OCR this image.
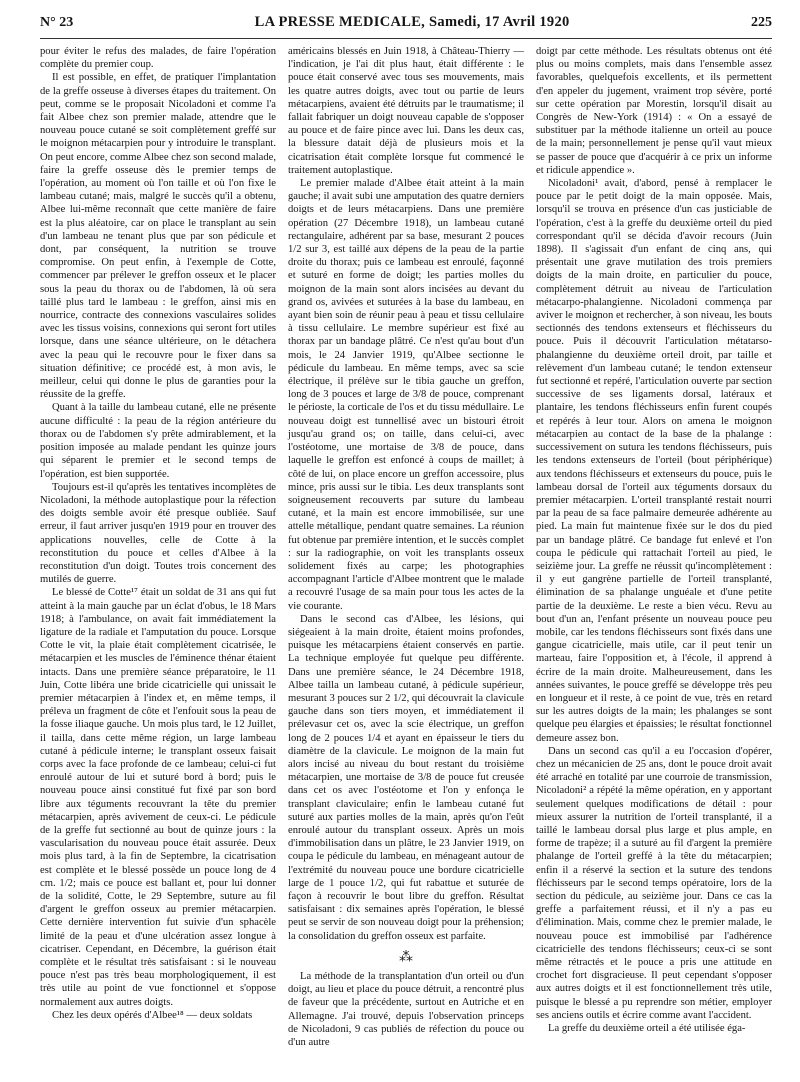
N° 23	LA PRESSE MEDICALE, Samedi, 17 Avril 1920	225

pour éviter le refus des malades, de faire l'opération complète du premier coup.

Il est possible, en effet, de pratiquer l'implantation de la greffe osseuse à diverses étapes du traitement. On peut, comme se le proposait Nicoladoni et comme l'a fait Albee chez son premier malade, attendre que le nouveau pouce cutané se soit complètement greffé sur le moignon métacarpien pour y introduire le transplant. On peut encore, comme Albee chez son second malade, faire la greffe osseuse dès le premier temps de l'opération, au moment où l'on taille et où l'on fixe le lambeau cutané; mais, malgré le succès qu'il a obtenu, Albee lui-même reconnaît que cette manière de faire est la plus aléatoire, car on place le transplant au sein d'un lambeau ne tenant plus que par son pédicule et dont, par conséquent, la nutrition se trouve compromise. On peut enfin, à l'exemple de Cotte, commencer par prélever le greffon osseux et le placer sous la peau du thorax ou de l'abdomen, là où sera taillé plus tard le lambeau : le greffon, ainsi mis en nourrice, contracte des connexions vasculaires solides avec les tissus voisins, connexions qui seront fort utiles lorsque, dans une séance ultérieure, on le détachera avec la peau qui le recouvre pour le fixer dans sa situation définitive; ce procédé est, à mon avis, le meilleur, celui qui donne le plus de garanties pour la réussite de la greffe.

Quant à la taille du lambeau cutané, elle ne présente aucune difficulté : la peau de la région antérieure du thorax ou de l'abdomen s'y prête admirablement, et la position imposée au malade pendant les quinze jours qui séparent le premier et le second temps de l'opération, est bien supportée.

Toujours est-il qu'après les tentatives incomplètes de Nicoladoni, la méthode autoplastique pour la réfection des doigts semble avoir été presque oubliée. Sauf erreur, il faut arriver jusqu'en 1919 pour en trouver des applications nouvelles, celle de Cotte à la reconstitution du pouce et celles d'Albee à la reconstitution d'un doigt. Toutes trois concernent des mutilés de guerre.

Le blessé de Cotte¹⁷ était un soldat de 31 ans qui fut atteint à la main gauche par un éclat d'obus, le 18 Mars 1918; à l'ambulance, on avait fait immédiatement la ligature de la radiale et l'amputation du pouce. Lorsque Cotte le vit, la plaie était complètement cicatrisée, le métacarpien et les muscles de l'éminence thénar étaient intacts. Dans une première séance préparatoire, le 11 Juin, Cotte libéra une bride cicatricielle qui unissait le premier métacarpien à l'index et, en même temps, il préleva un fragment de côte et l'enfouit sous la peau de la fosse iliaque gauche. Un mois plus tard, le 12 Juillet, il tailla, dans cette même région, un large lambeau cutané à pédicule interne; le transplant osseux faisait corps avec la face profonde de ce lambeau; celui-ci fut enroulé autour de lui et suturé bord à bord; puis le nouveau pouce ainsi constitué fut fixé par son bord libre aux téguments recouvrant la tête du premier métacarpien, après avivement de ceux-ci. Le pédicule de la greffe fut sectionné au bout de quinze jours : la vascularisation du nouveau pouce était assurée. Deux mois plus tard, à la fin de Septembre, la cicatrisation est complète et le blessé possède un pouce long de 4 cm. 1/2; mais ce pouce est ballant et, pour lui donner de la solidité, Cotte, le 29 Septembre, suture au fil d'argent le greffon osseux au premier métacarpien. Cette dernière intervention fut suivie d'un sphacèle limité de la peau et d'une ulcération assez longue à cicatriser. Cependant, en Décembre, la guérison était complète et le résultat très satisfaisant : si le nouveau pouce n'est pas très beau morphologiquement, il est très utile au point de vue fonctionnel et s'oppose normalement aux autres doigts.

Chez les deux opérés d'Albee¹⁸ — deux soldats

américains blessés en Juin 1918, à Château-Thierry — l'indication, je l'ai dit plus haut, était différente : le pouce était conservé avec tous ses mouvements, mais les quatre autres doigts, avec tout ou partie de leurs métacarpiens, avaient été détruits par le traumatisme; il fallait fabriquer un doigt nouveau capable de s'opposer au pouce et de faire pince avec lui. Dans les deux cas, la blessure datait déjà de plusieurs mois et la cicatrisation était complète lorsque fut commencé le traitement autoplastique.

Le premier malade d'Albee était atteint à la main gauche; il avait subi une amputation des quatre derniers doigts et de leurs métacarpiens. Dans une première opération (27 Décembre 1918), un lambeau cutané rectangulaire, adhérent par sa base, mesurant 2 pouces 1/2 sur 3, est taillé aux dépens de la peau de la partie droite du thorax; puis ce lambeau est enroulé, façonné et suturé en forme de doigt; les parties molles du moignon de la main sont alors incisées au devant du grand os, avivées et suturées à la base du lambeau, en ayant bien soin de réunir peau à peau et tissu cellulaire à tissu cellulaire. Le membre supérieur est fixé au thorax par un bandage plâtré. Ce n'est qu'au bout d'un mois, le 24 Janvier 1919, qu'Albee sectionne le pédicule du lambeau. En même temps, avec sa scie électrique, il prélève sur le tibia gauche un greffon, long de 3 pouces et large de 3/8 de pouce, comprenant le périoste, la corticale de l'os et du tissu médullaire. Le nouveau doigt est tunnellisé avec un bistouri étroit jusqu'au grand os; on taille, dans celui-ci, avec l'ostéotome, une mortaise de 3/8 de pouce, dans laquelle le greffon est enfoncé à coups de maillet; à côté de lui, on place encore un greffon accessoire, plus mince, pris aussi sur le tibia. Les deux transplants sont soigneusement recouverts par suture du lambeau cutané, et la main est encore immobilisée, sur une attelle métallique, pendant quatre semaines. La réunion fut obtenue par première intention, et le succès complet : sur la radiographie, on voit les transplants osseux solidement fixés au carpe; les photographies accompagnant l'article d'Albee montrent que le malade a recouvré l'usage de sa main pour tous les actes de la vie courante.

Dans le second cas d'Albee, les lésions, qui siégeaient à la main droite, étaient moins profondes, puisque les métacarpiens étaient conservés en partie. La technique employée fut quelque peu différente. Dans une première séance, le 24 Décembre 1918, Albee tailla un lambeau cutané, à pédicule supérieur, mesurant 3 pouces sur 2 1/2, qui découvrait la clavicule gauche dans son tiers moyen, et immédiatement il prélevasur cet os, avec la scie électrique, un greffon long de 2 pouces 1/4 et ayant en épaisseur le tiers du diamètre de la clavicule. Le moignon de la main fut alors incisé au niveau du bout restant du troisième métacarpien, une mortaise de 3/8 de pouce fut creusée dans cet os avec l'ostéotome et l'on y enfonça le transplant claviculaire; enfin le lambeau cutané fut suturé aux parties molles de la main, après qu'on l'eût enroulé autour du transplant osseux. Après un mois d'immobilisation dans un plâtre, le 23 Janvier 1919, on coupa le pédicule du lambeau, en ménageant autour de l'extrémité du nouveau pouce une bordure cicatricielle large de 1 pouce 1/2, qui fut rabattue et suturée de façon à recouvrir le bout libre du greffon. Résultat satisfaisant : dix semaines après l'opération, le blessé peut se servir de son nouveau doigt pour la préhension; la consolidation du greffon osseux est parfaite.

⁂

La méthode de la transplantation d'un orteil ou d'un doigt, au lieu et place du pouce détruit, a rencontré plus de faveur que la précédente, surtout en Autriche et en Allemagne. J'ai trouvé, depuis l'observation princeps de Nicoladoni, 9 cas publiés de réfection du pouce ou d'un autre

doigt par cette méthode. Les résultats obtenus ont été plus ou moins complets, mais dans l'ensemble assez favorables, quelquefois excellents, et ils permettent d'en appeler du jugement, vraiment trop sévère, porté sur cette opération par Morestin, lorsqu'il disait au Congrès de New-York (1914) : « On a essayé de substituer par la méthode italienne un orteil au pouce de la main; personnellement je pense qu'il vaut mieux se passer de pouce que d'acquérir à ce prix un informe et ridicule appendice ».

Nicoladoni¹ avait, d'abord, pensé à remplacer le pouce par le petit doigt de la main opposée. Mais, lorsqu'il se trouva en présence d'un cas justiciable de l'opération, c'est à la greffe du deuxième orteil du pied correspondant qu'il se décida d'avoir recours (Juin 1898). Il s'agissait d'un enfant de cinq ans, qui présentait une grave mutilation des trois premiers doigts de la main droite, en particulier du pouce, complètement détruit au niveau de l'articulation métacarpo-phalangienne. Nicoladoni commença par aviver le moignon et rechercher, à son niveau, les bouts sectionnés des tendons extenseurs et fléchisseurs du pouce. Puis il découvrit l'articulation métatarso-phalangienne du deuxième orteil droit, par taille et relèvement d'un lambeau cutané; le tendon extenseur fut sectionné et repéré, l'articulation ouverte par section successive de ses ligaments dorsal, latéraux et plantaire, les tendons fléchisseurs enfin furent coupés et repérés à leur tour. Alors on amena le moignon métacarpien au contact de la base de la phalange : successivement on sutura les tendons fléchisseurs, puis les tendons extenseurs de l'orteil (bout périphérique) aux tendons fléchisseurs et extenseurs du pouce, puis le lambeau dorsal de l'orteil aux téguments dorsaux du premier métacarpien. L'orteil transplanté restait nourri par la peau de sa face palmaire demeurée adhérente au pied. La main fut maintenue fixée sur le dos du pied par un bandage plâtré. Ce bandage fut enlevé et l'on coupa le pédicule qui rattachait l'orteil au pied, le seizième jour. La greffe ne réussit qu'incomplètement : il y eut gangrène partielle de l'orteil transplanté, élimination de sa phalange unguéale et d'une petite partie de la deuxième. Le reste a bien vécu. Revu au bout d'un an, l'enfant présente un nouveau pouce peu mobile, car les tendons fléchisseurs sont fixés dans une gangue cicatricielle, mais utile, car il peut tenir un marteau, faire l'opposition et, à l'école, il apprend à écrire de la main droite. Malheureusement, dans les années suivantes, le pouce greffé se développe très peu en longueur et il reste, à ce point de vue, très en retard sur les autres doigts de la main; les phalanges se sont quelque peu élargies et épaissies; le résultat fonctionnel demeure assez bon.

Dans un second cas qu'il a eu l'occasion d'opérer, chez un mécanicien de 25 ans, dont le pouce droit avait été arraché en totalité par une courroie de transmission, Nicoladoni² a répété la même opération, en y apportant seulement quelques modifications de détail : pour mieux assurer la nutrition de l'orteil transplanté, il a taillé le lambeau dorsal plus large et plus ample, en forme de trapèze; il a suturé au fil d'argent la première phalange de l'orteil greffé à la tête du métacarpien; enfin il a réservé la section et la suture des tendons fléchisseurs par le second temps opératoire, lors de la section du pédicule, au seizième jour. Dans ce cas la greffe a parfaitement réussi, et il n'y a pas eu d'élimination. Mais, comme chez le premier malade, le nouveau pouce est immobilisé par l'adhérence cicatricielle des tendons fléchisseurs; ceux-ci se sont même rétractés et le pouce a pris une attitude en crochet fort disgracieuse. Il peut cependant s'opposer aux autres doigts et il est fonctionnellement très utile, puisque le blessé a pu reprendre son métier, employer ses anciens outils et écrire comme avant l'accident.

La greffe du deuxième orteil a été utilisée éga-
